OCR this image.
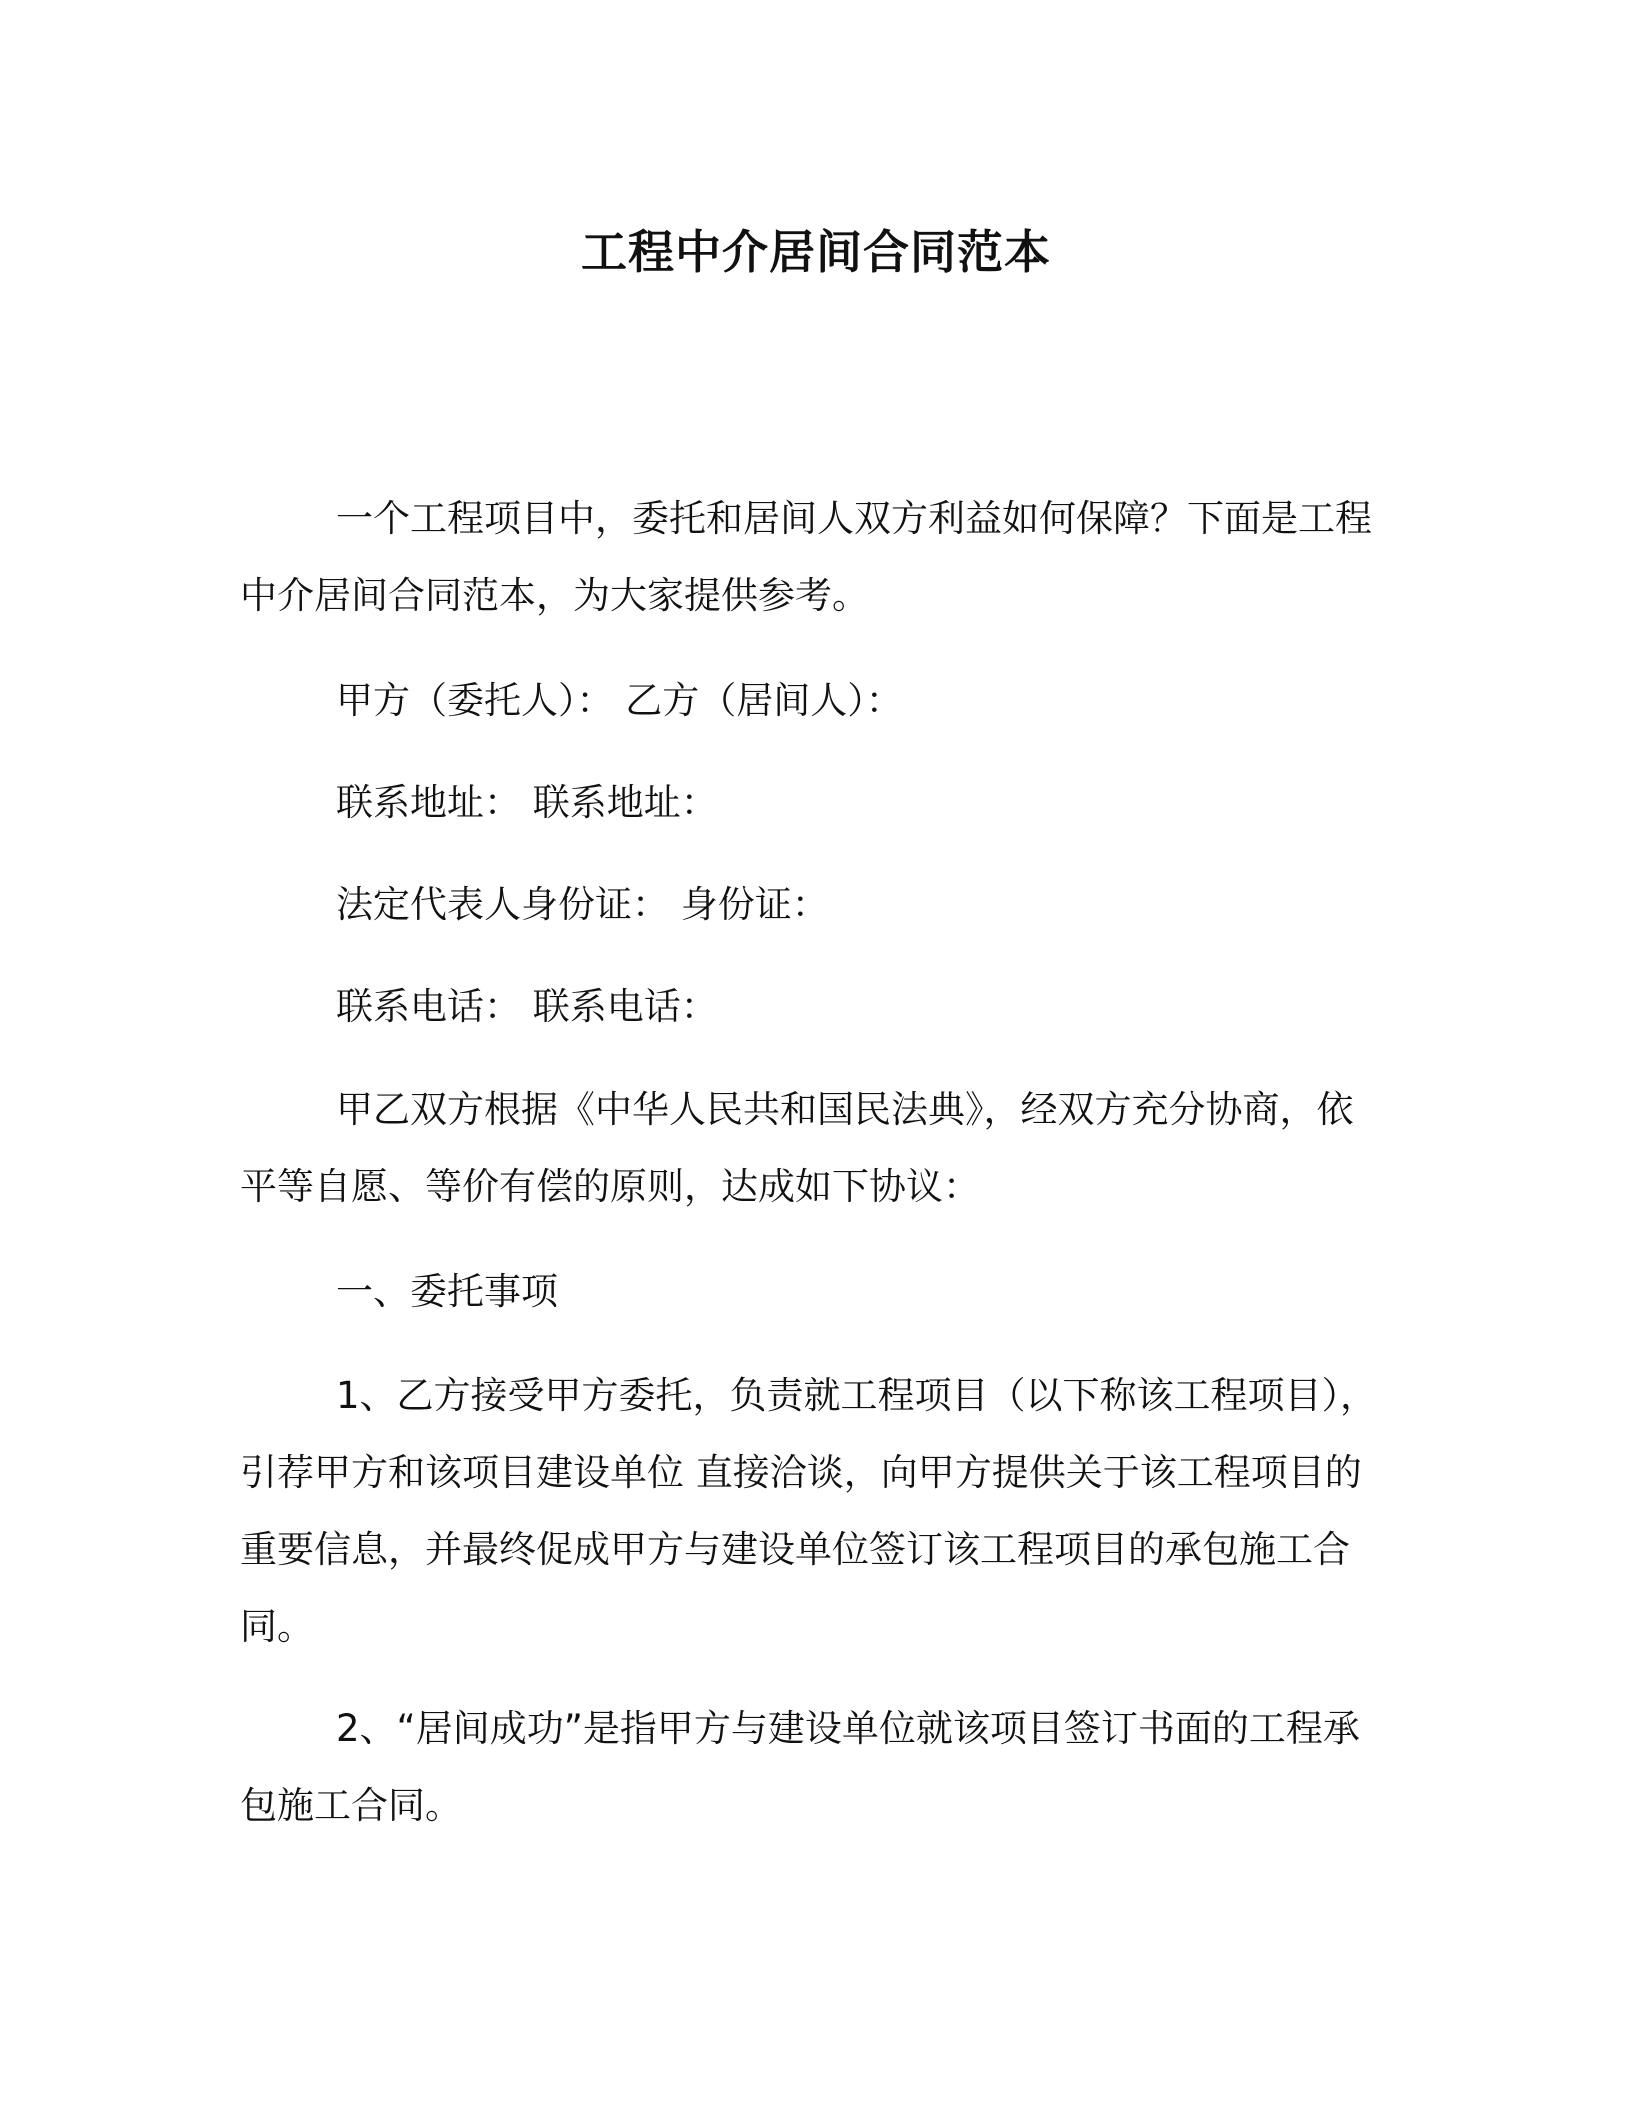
工程中介居间合同范本

一个工程项目中，委托和居间人双方利益如何保障？下面是工程中介居间合同范本，为大家提供参考。

甲方（委托人）： 乙方（居间人）：

联系地址： 联系地址：

法定代表人身份证： 身份证：

联系电话： 联系电话：

甲乙双方根据《中华人民共和国民法典》，经双方充分协商，依平等自愿、等价有偿的原则，达成如下协议：

一、委托事项

1、乙方接受甲方委托，负责就工程项目（以下称该工程项目），引荐甲方和该项目建设单位 直接洽谈，向甲方提供关于该工程项目的重要信息，并最终促成甲方与建设单位签订该工程项目的承包施工合同。

2、“居间成功”是指甲方与建设单位就该项目签订书面的工程承包施工合同。
